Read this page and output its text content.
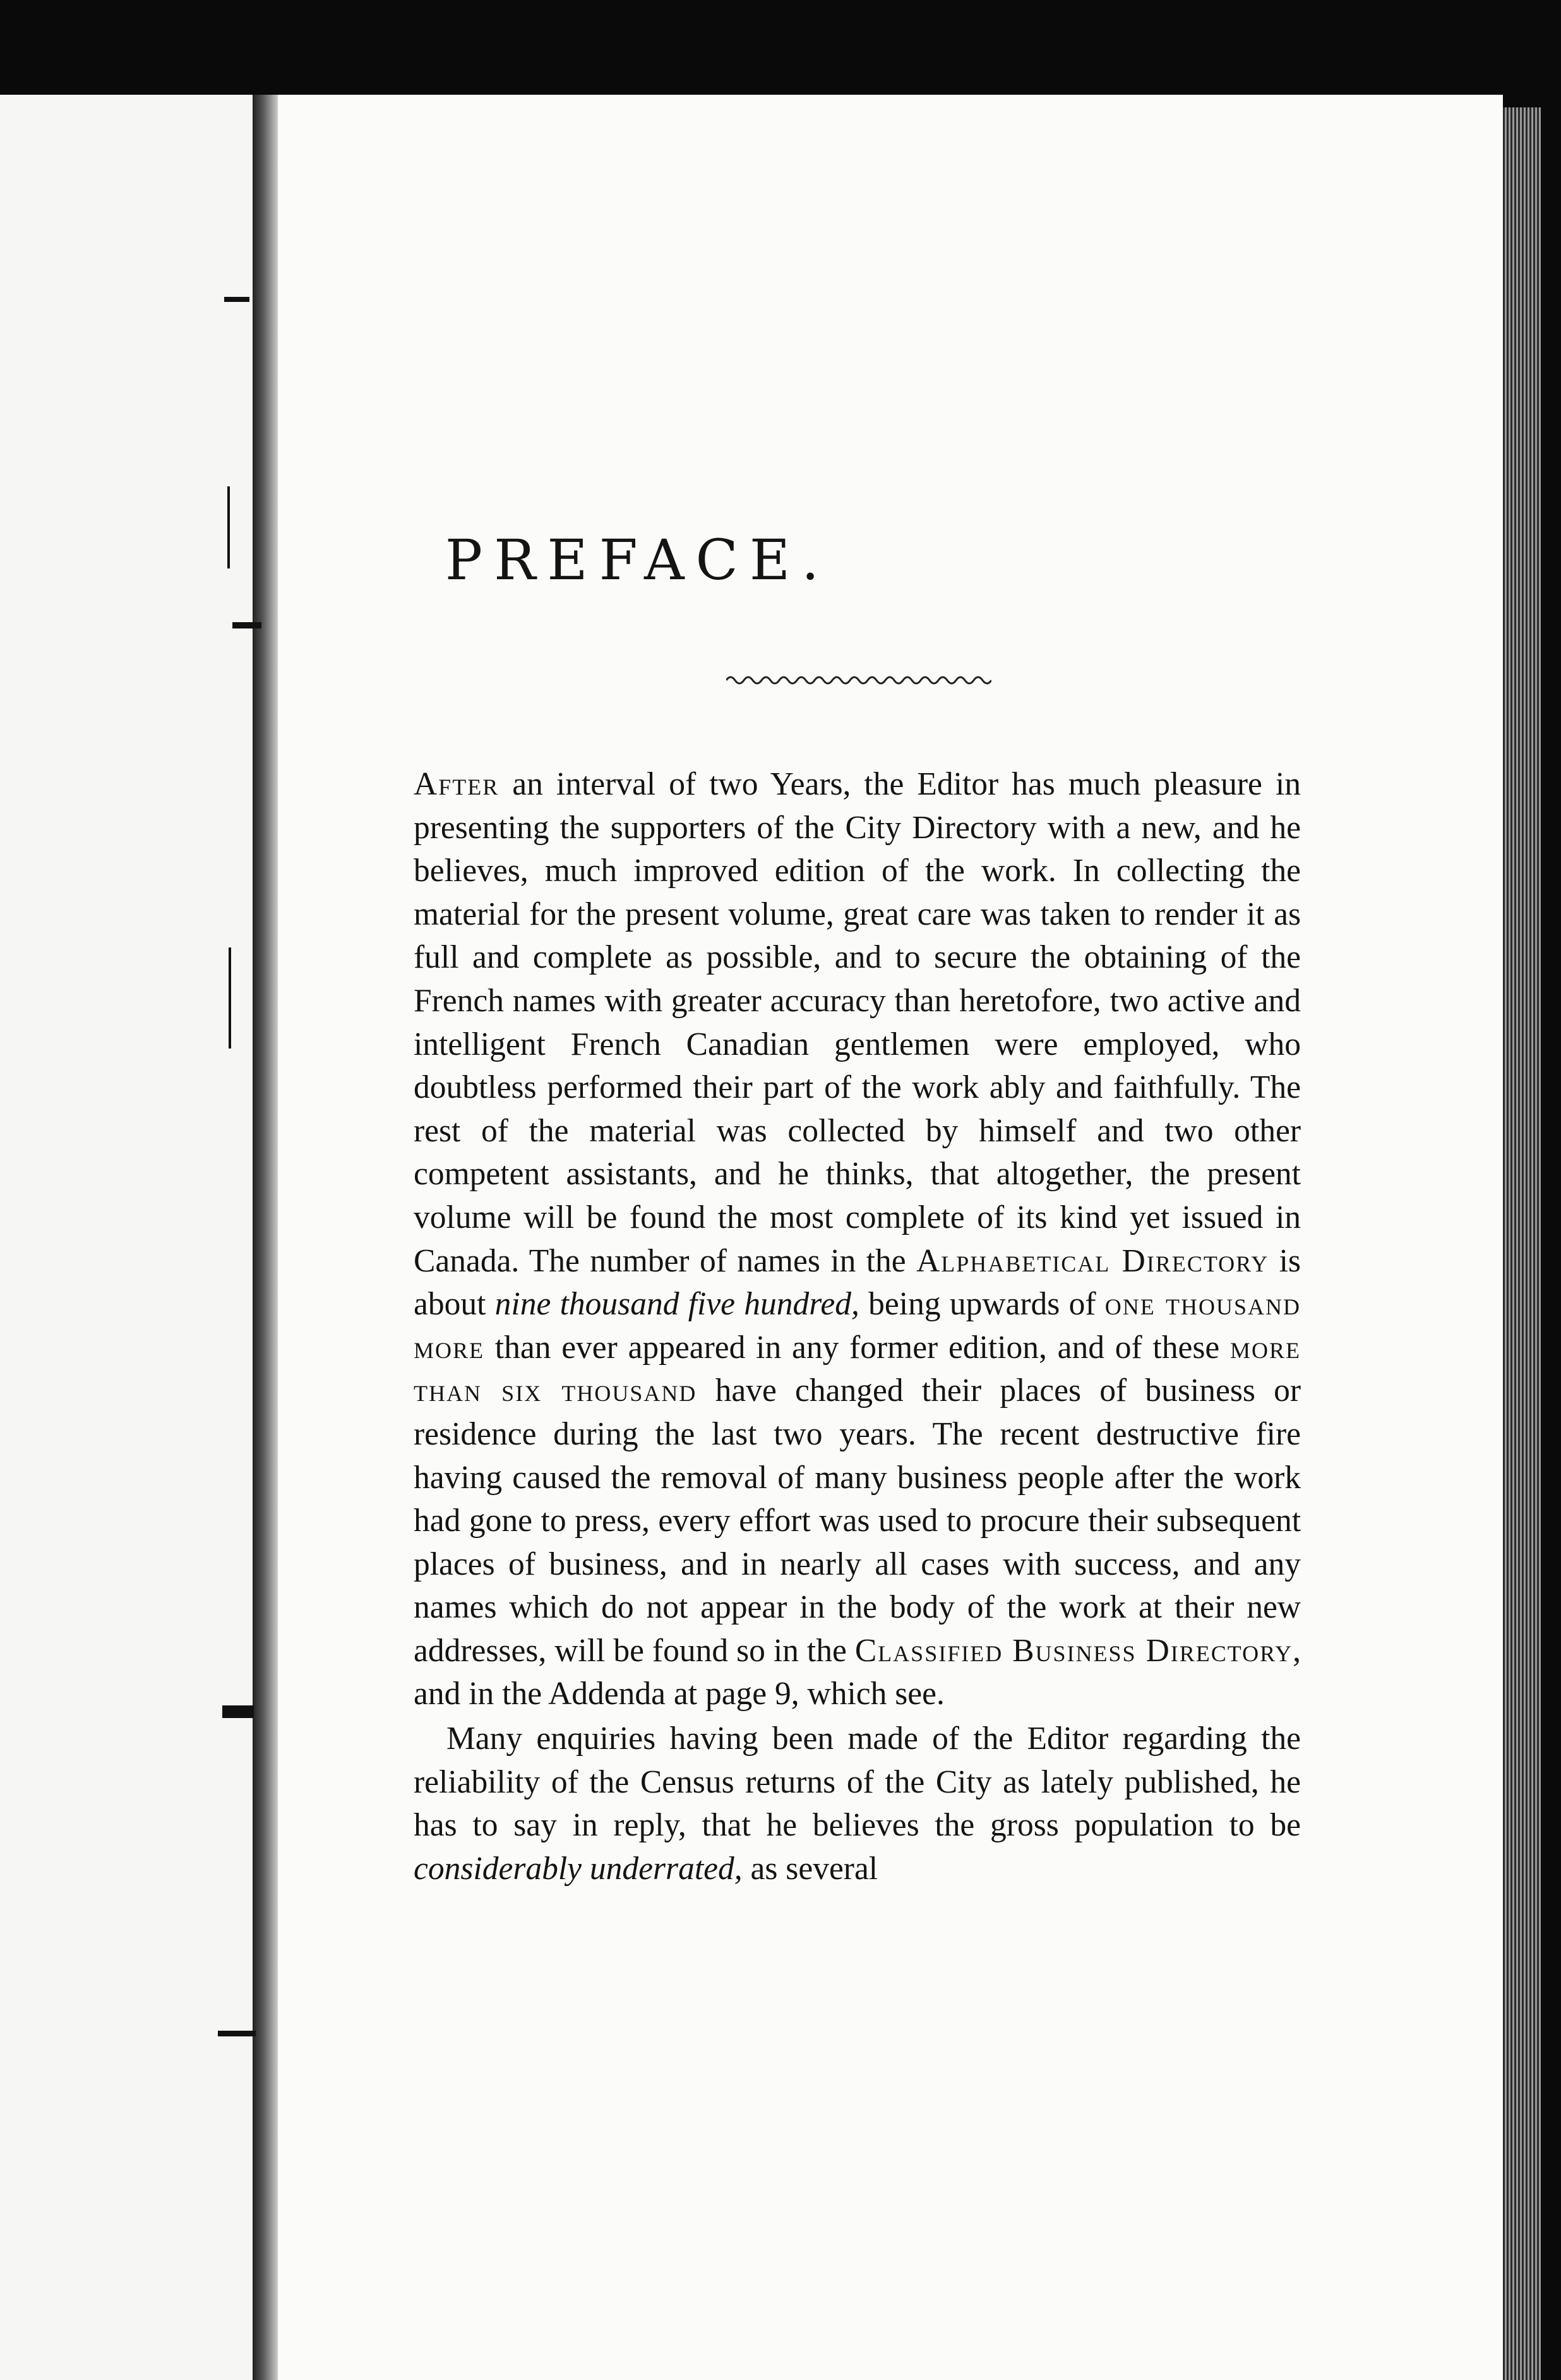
PREFACE.

After an interval of two Years, the Editor has much pleasure in presenting the supporters of the City Directory with a new, and he believes, much improved edition of the work. In collecting the material for the present volume, great care was taken to render it as full and complete as possible, and to secure the obtaining of the French names with greater accuracy than heretofore, two active and intelligent French Canadian gentlemen were employed, who doubtless performed their part of the work ably and faithfully. The rest of the material was collected by himself and two other competent assistants, and he thinks, that altogether, the present volume will be found the most complete of its kind yet issued in Canada. The number of names in the Alphabetical Directory is about nine thousand five hundred, being upwards of one thousand more than ever appeared in any former edition, and of these more than six thousand have changed their places of business or residence during the last two years. The recent destructive fire having caused the removal of many business people after the work had gone to press, every effort was used to procure their subsequent places of business, and in nearly all cases with success, and any names which do not appear in the body of the work at their new addresses, will be found so in the Classified Business Directory, and in the Addenda at page 9, which see.

Many enquiries having been made of the Editor regarding the reliability of the Census returns of the City as lately published, he has to say in reply, that he believes the gross population to be considerably underrated, as several
